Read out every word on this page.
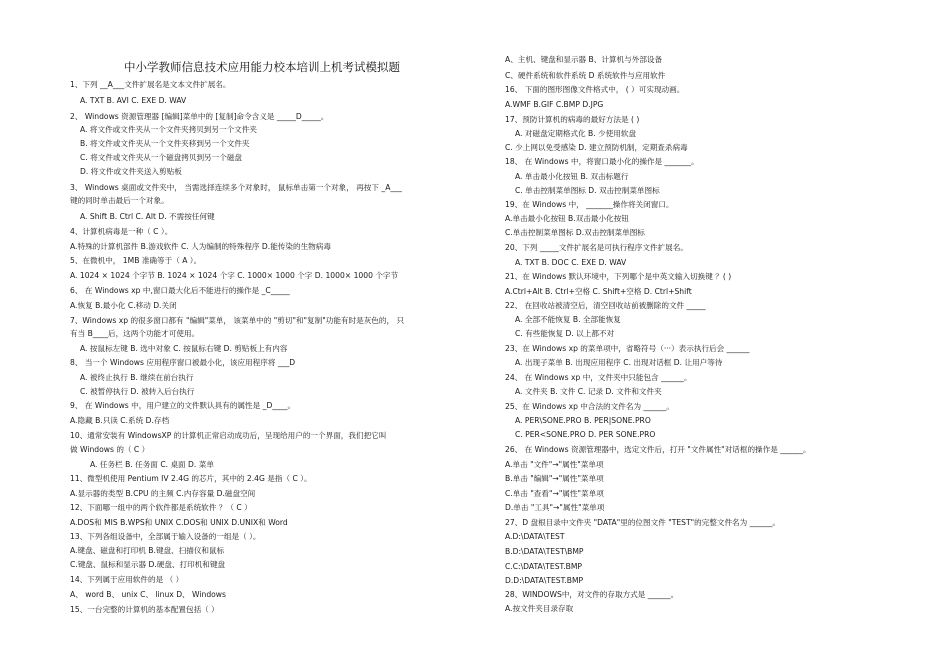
中小学教师信息技术应用能力校本培训上机考试模拟题
1、下列 __A___文件扩展名是文本文件扩展名。
A. TXT B. AVI C. EXE D. WAV
2、 Windows 资源管理器 [编辑]菜单中的 [复制]命令含义是 _____D_____。
A. 将文件或文件夹从一个文件夹拷贝到另一个文件夹
B. 将文件或文件夹从一个文件夹移到另一个文件夹
C. 将文件或文件夹从一个磁盘拷贝到另一个磁盘
D. 将文件或文件夹送入剪贴板
3、 Windows 桌面或文件夹中， 当需选择连续多个对象时， 鼠标单击第一个对象， 再按下 _A___
键的同时单击最后一个对象。
A. Shift B. Ctrl C. Alt D. 不需按任何键
4、计算机病毒是一种（ C ）。
A.特殊的计算机部件 B.游戏软件 C. 人为编制的特殊程序 D.能传染的生物病毒
5、在微机中， 1MB 准确等于（ A ）。
A. 1024 × 1024 个字节 B. 1024 × 1024 个字 C. 1000× 1000 个字 D. 1000× 1000 个字节
6、 在 Windows xp 中,窗口最大化后不能进行的操作是 _C_____
A.恢复 B.最小化 C.移动 D.关闭
7、Windows xp 的很多窗口都有 "编辑"菜单， 该菜单中的 "剪切"和"复制"功能有时是灰色的， 只
有当 B____后，这两个功能才可使用。
A. 按鼠标左键 B. 选中对象 C. 按鼠标右键 D. 剪贴板上有内容
8、 当一个 Windows 应用程序窗口被最小化，该应用程序将 ___D
A. 被终止执行 B. 继续在前台执行
C. 被暂停执行 D. 被转入后台执行
9、 在 Windows 中，用户建立的文件默认具有的属性是 _D____。
A.隐藏 B.只读 C.系统 D.存档
10、通常安装有 WindowsXP 的计算机正常启动成功后，呈现给用户的一个界面，我们把它叫
做 Windows 的（ C ）
A. 任务栏 B. 任务面 C. 桌面 D. 菜单
11、微型机使用 Pentium IV 2.4G 的芯片，其中的 2.4G 是指（ C ）。
A.显示器的类型 B.CPU 的主频 C.内存容量 D.磁盘空间
12、下面哪一组中的两个软件都是系统软件 ？（ C ）
A.DOS和 MIS B.WPS和 UNIX C.DOS和 UNIX D.UNIX和 Word
13、下列各组设备中，全部属于输入设备的一组是（ ）。
A.键盘、磁盘和打印机 B.键盘、扫描仪和鼠标
C.键盘、鼠标和显示器 D.硬盘、打印机和键盘
14、下列属于应用软件的是 （ ）
A、 word B、 unix C、 linux D、 Windows
15、一台完整的计算机的基本配置包括（ ）
A、主机、键盘和显示器 B、计算机与外部设备
C、硬件系统和软件系统 D 系统软件与应用软件
16、 下面的图形图像文件格式中， ( ）可实现动画。
A.WMF B.GIF C.BMP D.JPG
17、预防计算机的病毒的最好方法是 ( )
A. 对磁盘定期格式化 B. 少使用软盘
C. 少上网以免受感染 D. 建立预防机制，定期查杀病毒
18、 在 Windows 中，将窗口最小化的操作是 _______。
A. 单击最小化按钮 B. 双击标题行
C. 单击控制菜单图标 D. 双击控制菜单图标
19、在 Windows 中， _______操作将关闭窗口。
A.单击最小化按钮 B.双击最小化按钮
C.单击控制菜单图标 D.双击控制菜单图标
20、下列 _____文件扩展名是可执行程序文件扩展名。
A. TXT B. DOC C. EXE D. WAV
21、在 Windows 默认环境中，下列哪个是中英文输入切换键 ？( )
A.Ctrl+Alt B. Ctrl+空格 C. Shift+空格 D. Ctrl+Shift
22、 在回收站被清空后，清空回收站前被删除的文件 _____
A. 全部不能恢复 B. 全部能恢复
C. 有些能恢复 D. 以上都不对
23、在 Windows xp 的菜单项中，省略符号（···）表示执行后会 ______
A. 出现子菜单 B. 出现应用程序 C. 出现对话框 D. 让用户等待
24、 在 Windows xp 中，文件夹中只能包含 ______。
A. 文件夹 B. 文件 C. 记录 D. 文件和文件夹
25、在 Windows xp 中合法的文件名为 ______。
A. PER\SONE.PRO B. PER|SONE.PRO
C. PER<SONE.PRO D. PER SONE.PRO
26、 在 Windows 资源管理器中，选定文件后，打开 "文件属性"对话框的操作是 ______。
A.单击 "文件"→"属性"菜单项
B.单击 "编辑"→"属性"菜单项
C.单击 "查看"→"属性"菜单项
D.单击 "工具"→"属性"菜单项
27、D 盘根目录中文件夹 "DATA"里的位图文件 "TEST"的完整文件名为 ______。
A.D:\DATA\TEST
B.D:\DATA\TEST\BMP
C.C:\DATA\TEST.BMP
D.D:\DATA\TEST.BMP
28、WINDOWS中，对文件的存取方式是 ______。
A.按文件夹目录存取
